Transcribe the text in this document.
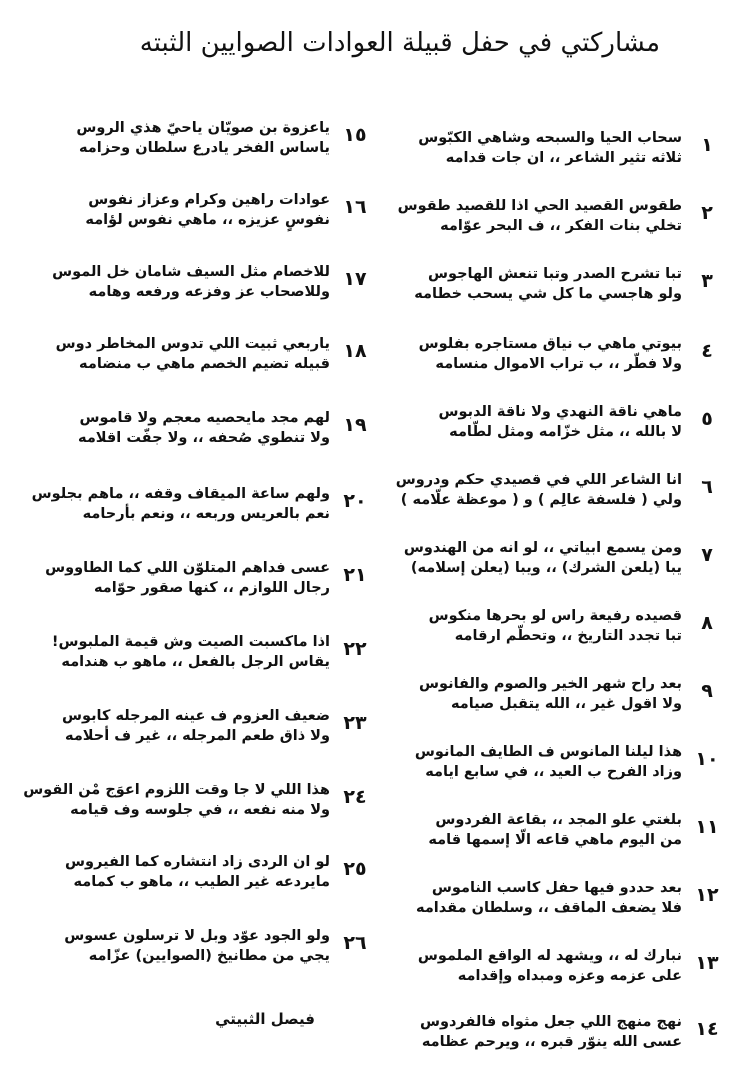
مشاركتي في حفل قبيلة العوادات الصوايين الثبته
١
سحاب الحيا والسبحه وشاهي الكبّوس
ثلاثه تثير الشاعر ،، ان جات قدامه
٢
طقوس القصيد الحي اذا للقصيد طقوس
تخلي بنات الفكر ،، ف البحر عوّامه
٣
تبا تشرح الصدر وتبا تنعش الهاجوس
ولو هاجسي ما كل شي يسحب خطامه
٤
بيوتي ماهي ب نياق مستاجره بفلوس
ولا فطّر ،، ب تراب الاموال منسامه
٥
ماهي ناقة النهدي ولا ناقة الدبوس
لا بالله ،، مثل خزّامه ومثل لطّامه
٦
انا الشاعر اللي في قصيدي حكم ودروس
ولي ( فلسفة عالِم ) و ( موعظة علّامه )
٧
ومن يسمع ابياتي ،، لو انه من الهندوس
يبا (يلعن الشرك) ،، ويبا (يعلن إسلامه)
٨
قصيده رفيعة راس لو بحرها منكوس
تبا تجدد التاريخ ،، وتحطّم ارقامه
٩
بعد راح شهر الخير والصوم والفانوس
ولا اقول غير ،، الله يتقبل صيامه
١٠
هذا ليلنا المانوس ف الطايف المانوس
وزاد الفرح ب العيد ،، في سابع ايامه
١١
بلغتي علو المجد ،، بقاعة الفردوس
من اليوم ماهي قاعه الّا إسمها قامه
١٢
بعد حددو فيها حفل كاسب الناموس
فلا يضعف الماقف ،، وسلطان مقدامه
١٣
نبارك له ،، ويشهد له الواقع الملموس
على عزمه وعزه ومبداه وإقدامه
١٤
نهج منهج اللي جعل مثواه فالفردوس
عسى الله ينوّر قبره ،، ويرحم عظامه
١٥
ياعزوة بن صويّان ياحيّ هذي الروس
ياساس الفخر يادرع سلطان وحزامه
١٦
عوادات راهين وكرام وعزاز نفوس
نفوسٍ عزيزه ،، ماهي نفوس لؤامه
١٧
للاخصام مثل السيف شامان خل الموس
وللاصحاب عز وفزعه ورفعه وهامه
١٨
ياربعي ثبيت اللي تدوس المخاطر دوس
قبيله تضيم الخصم ماهي ب منضامه
١٩
لهم مجد مايحصيه معجم ولا قاموس
ولا تنطوي صُحفه ،، ولا جفّت اقلامه
٢٠
ولهم ساعة الميقاف وقفه ،، ماهم بجلوس
نعم بالعريس وربعه ،، ونعم بأرحامه
٢١
عسى فداهم المتلوّن اللي كما الطاووس
رجال اللوازم ،، كنها صقور حوّامه
٢٢
اذا ماكسبت الصيت وش قيمة الملبوس!
يقاس الرجل بالفعل ،، ماهو ب هندامه
٢٣
ضعيف العزوم ف عينه المرجله كابوس
ولا ذاق طعم المرجله ،، غير ف أحلامه
٢٤
هذا اللي لا جا وقت اللزوم اعوَج مْن القوس
ولا منه نفعه ،، في جلوسه وف قيامه
٢٥
لو ان الردى زاد انتشاره كما الفيروس
مايردعه غير الطيب ،، ماهو ب كمامه
٢٦
ولو الجود عوّد وبل لا ترسلون عسوس
يجي من مطانيخ (الصوايين) عزّامه
فيصل الثبيتي
